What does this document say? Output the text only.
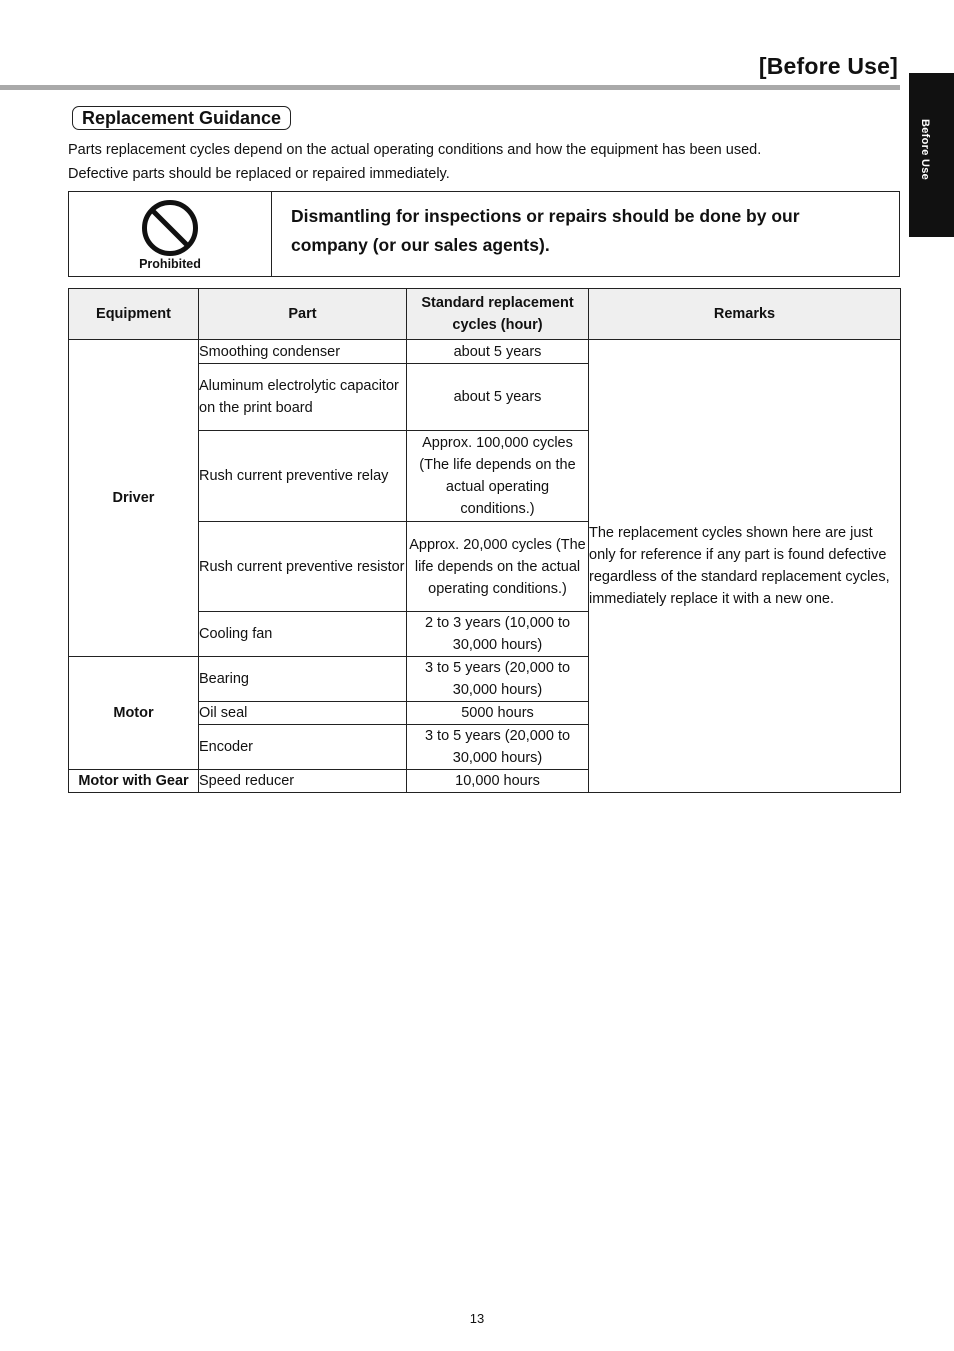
[Before Use]
Before Use
Replacement Guidance

Parts replacement cycles depend on the actual operating conditions and how the equipment has been used.

Defective parts should be replaced or repaired immediately.

Prohibited
Dismantling for inspections or repairs should be done by our company (or our sales agents).
Equipment	Part	Standard replacement cycles (hour)	Remarks
Driver	Smoothing condenser	about 5 years	The replacement cycles shown here are just only for reference if any part is found defective regardless of the standard replacement cycles, immediately replace it with a new one.
	Aluminum electrolytic capacitor on the print board	about 5 years	
	Rush current preventive relay	Approx. 100,000 cycles (The life depends on the actual operating conditions.)	
	Rush current preventive resistor	Approx. 20,000 cycles (The life depends on the actual operating conditions.)	
	Cooling fan	2 to 3 years (10,000 to 30,000 hours)	
Motor	Bearing	3 to 5 years (20,000 to 30,000 hours)	
	Oil seal	5000 hours	
	Encoder	3 to 5 years (20,000 to 30,000 hours)	
Motor with Gear	Speed reducer	10,000 hours	
13
